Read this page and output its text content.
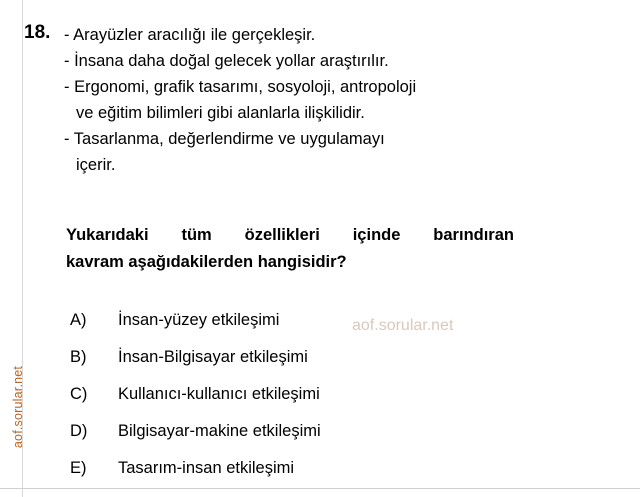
aof.sorular.net
18. - Arayüzler aracılığı ile gerçekleşir.
- İnsana daha doğal gelecek yollar araştırılır.
- Ergonomi, grafik tasarımı, sosyoloji, antropoloji
ve eğitim bilimleri gibi alanlarla ilişkilidir.
- Tasarlanma, değerlendirme ve uygulamayı
içerir.
Yukarıdaki tüm özellikleri içinde barındıran
kavram aşağıdakilerden hangisidir?
A) İnsan-yüzey etkileşimi
B) İnsan-Bilgisayar etkileşimi
C) Kullanıcı-kullanıcı etkileşimi
D) Bilgisayar-makine etkileşimi
E) Tasarım-insan etkileşimi
aof.sorular.net
